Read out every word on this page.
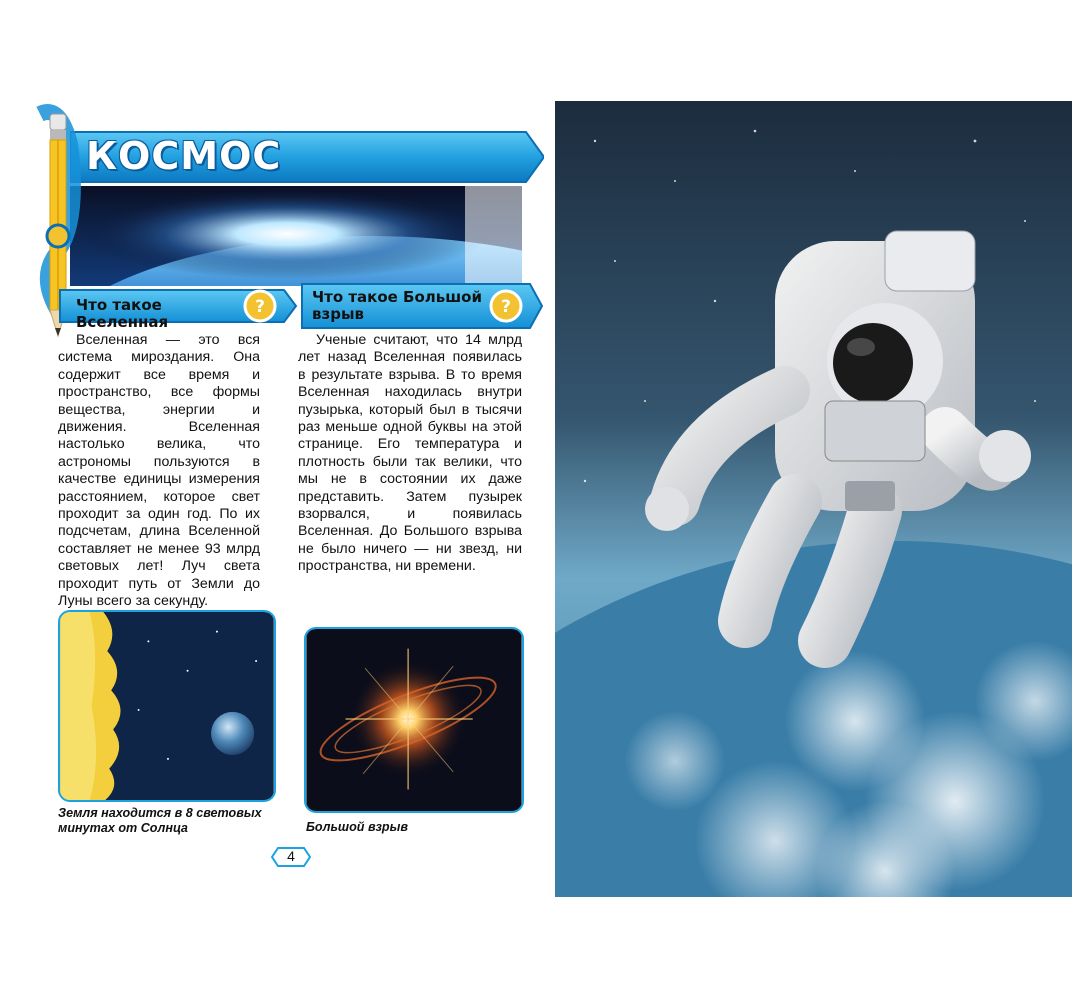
КОСМОС
?
Что такое Вселенная
?
Что такое Большой взрыв

Вселенная — это вся система мироздания. Она содержит все время и пространство, все формы вещества, энергии и движения. Вселенная настолько велика, что астрономы пользуются в качестве единицы измерения расстоянием, которое свет проходит за один год. По их подсчетам, длина Вселенной составляет не менее 93 млрд световых лет! Луч света проходит путь от Земли до Луны всего за секунду.

Ученые считают, что 14 млрд лет назад Вселенная появилась в результате взрыва. В то время Вселенная находилась внутри пузырька, который был в тысячи раз меньше одной буквы на этой странице. Его температура и плотность были так велики, что мы не в состоянии их даже представить. Затем пузырек взорвался, и появилась Вселенная. До Большого взрыва не было ничего — ни звезд, ни пространства, ни времени.

Земля находится в 8 световых минутах от Солнца	Большой взрыв
4
